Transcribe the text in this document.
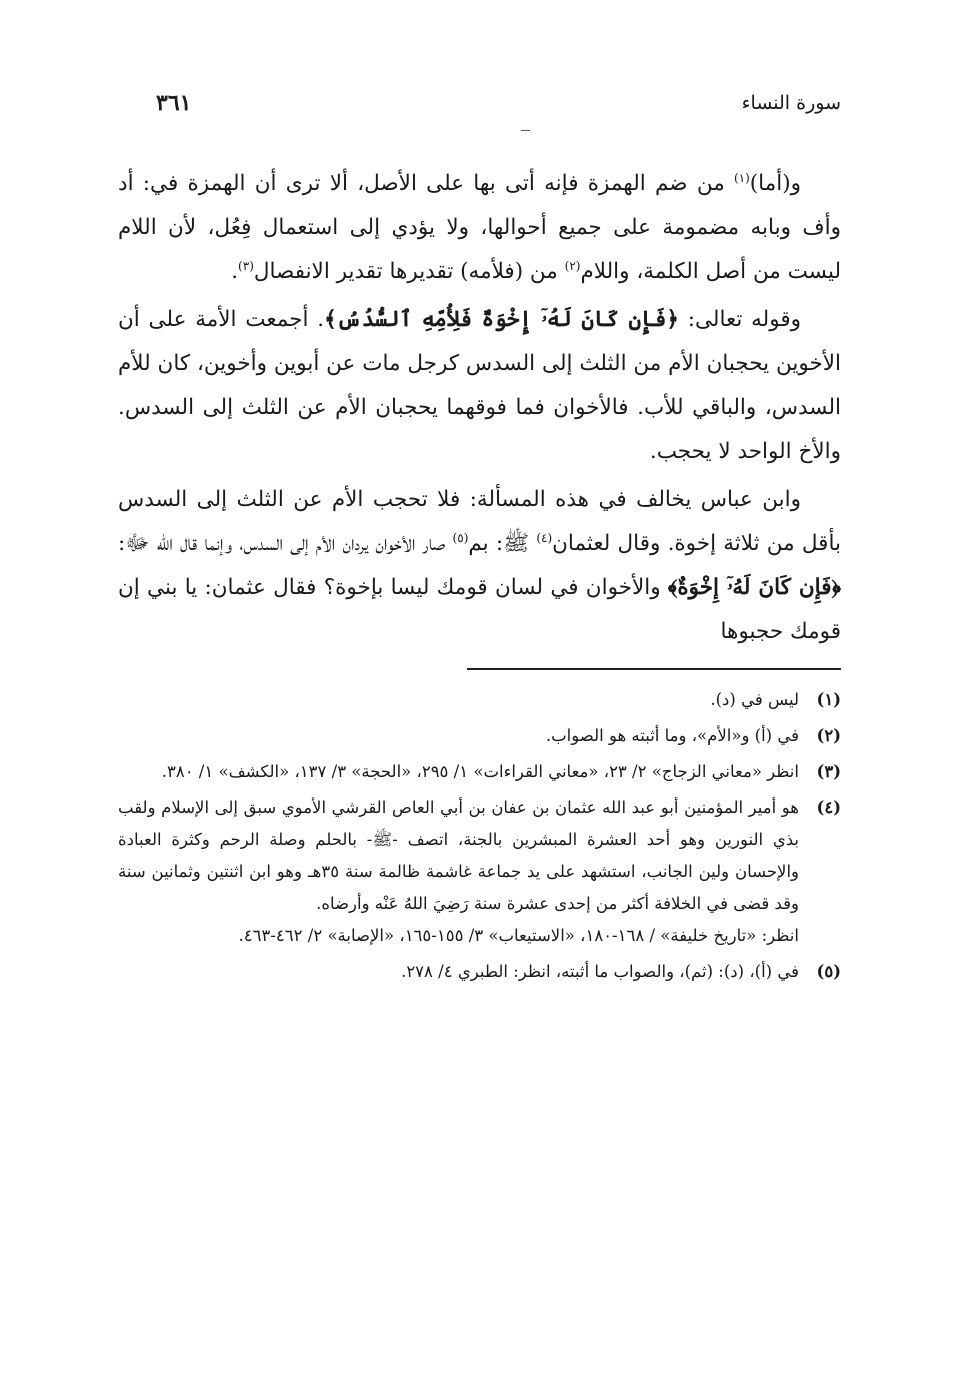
سورة النساء
٣٦١

و(أما)$^{(١)}$ من ضم الهمزة فإنه أتى بها على الأصل، ألا ترى أن الهمزة في: أد وأف وبابه مضمومة على جميع أحوالها، ولا يؤدي إلى استعمال فِعُل، لأن اللام ليست من أصل الكلمة، واللام$^{(٢)}$ من (فلأمه) تقديرها تقدير الانفصال$^{(٣)}$.

وقوله تعالى: ﴿فَإِن كَانَ لَهُۥٓ إِخْوَةٌ فَلِأُمِّهِ ٱلسُّدُسُ﴾. أجمعت الأمة على أن الأخوين يحجبان الأم من الثلث إلى السدس كرجل مات عن أبوين وأخوين، كان للأم السدس، والباقي للأب. فالأخوان فما فوقهما يحجبان الأم عن الثلث إلى السدس. والأخ الواحد لا يحجب.

وابن عباس يخالف في هذه المسألة: فلا تحجب الأم عن الثلث إلى السدس بأقل من ثلاثة إخوة. وقال لعثمان$^{(٤)}$ ﷺ: بم$^{(٥)}$ صار الأخوان يردان الأم إلى السدس، وإنما قال الله ﷻ: ﴿فَإِن كَانَ لَهُۥٓ إِخْوَةٌ﴾ والأخوان في لسان قومك ليسا بإخوة؟ فقال عثمان: يا بني إن قومك حجبوها

(١)

ليس في (د).

(٢)

في (أ) و«الأم»، وما أثبته هو الصواب.

(٣)

انظر «معاني الزجاج» ٢/ ٢٣، «معاني القراءات» ١/ ٢٩٥، «الحجة» ٣/ ١٣٧، «الكشف» ١/ ٣٨٠.

(٤)

هو أمير المؤمنين أبو عبد الله عثمان بن عفان بن أبي العاص القرشي الأموي سبق إلى الإسلام ولقب بذي النورين وهو أحد العشرة المبشرين بالجنة، اتصف -ﷺ- بالحلم وصلة الرحم وكثرة العبادة والإحسان ولين الجانب، استشهد على يد جماعة غاشمة ظالمة سنة ٣٥هـ وهو ابن اثنتين وثمانين سنة وقد قضى في الخلافة أكثر من إحدى عشرة سنة رَضِيَ اللهُ عَنْه وأرضاه.

انظر: «تاريخ خليفة» / ١٦٨-١٨٠، «الاستيعاب» ٣/ ١٥٥-١٦٥، «الإصابة» ٢/ ٤٦٢-٤٦٣.

(٥)

في (أ)، (د): (ثم)، والصواب ما أثبته، انظر: الطبري ٤/ ٢٧٨.
